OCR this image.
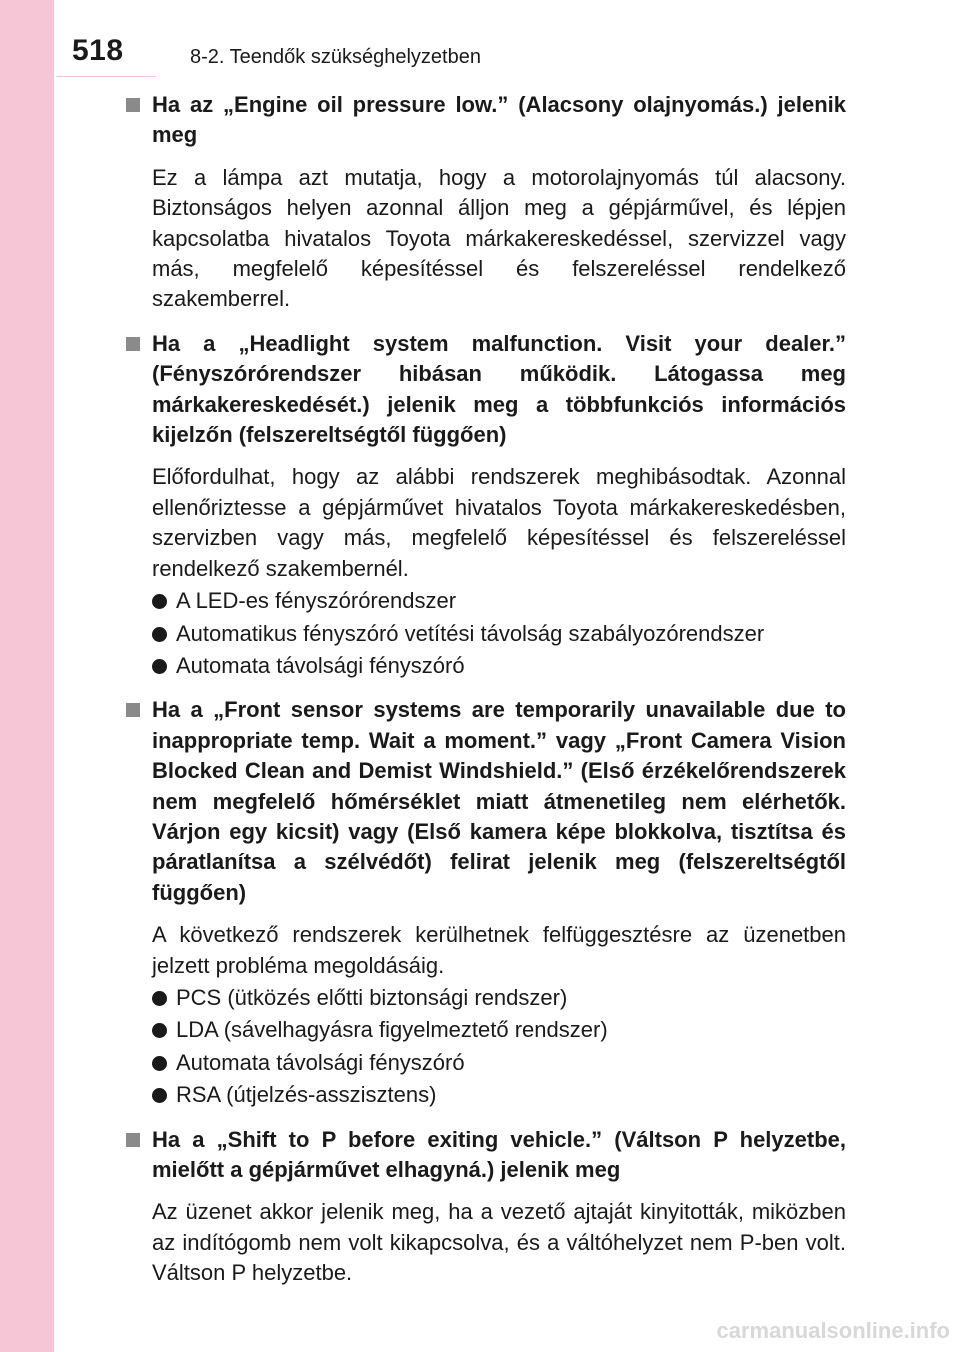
518	8-2. Teendők szükséghelyzetben
Ha az „Engine oil pressure low.” (Alacsony olajnyomás.) jelenik meg

Ez a lámpa azt mutatja, hogy a motorolajnyomás túl alacsony. Biztonságos helyen azonnal álljon meg a gépjárművel, és lépjen kapcsolatba hivatalos Toyota márkakereskedéssel, szervizzel vagy más, megfelelő képesítéssel és felszereléssel rendelkező szakemberrel.

Ha a „Headlight system malfunction. Visit your dealer.” (Fényszórórendszer hibásan működik. Látogassa meg márkakereskedését.) jelenik meg a többfunkciós információs kijelzőn (felszereltségtől függően)

Előfordulhat, hogy az alábbi rendszerek meghibásodtak. Azonnal ellenőriztesse a gépjárművet hivatalos Toyota márkakereskedésben, szervizben vagy más, megfelelő képesítéssel és felszereléssel rendelkező szakembernél.

A LED-es fényszórórendszer
Automatikus fényszóró vetítési távolság szabályozórendszer
Automata távolsági fényszóró
Ha a „Front sensor systems are temporarily unavailable due to inappropriate temp. Wait a moment.” vagy „Front Camera Vision Blocked Clean and Demist Windshield.” (Első érzékelőrendszerek nem megfelelő hőmérséklet miatt átmenetileg nem elérhetők. Várjon egy kicsit) vagy (Első kamera képe blokkolva, tisztítsa és páratlanítsa a szélvédőt) felirat jelenik meg (felszereltségtől függően)

A következő rendszerek kerülhetnek felfüggesztésre az üzenetben jelzett probléma megoldásáig.

PCS (ütközés előtti biztonsági rendszer)
LDA (sávelhagyásra figyelmeztető rendszer)
Automata távolsági fényszóró
RSA (útjelzés-asszisztens)
Ha a „Shift to P before exiting vehicle.” (Váltson P helyzetbe, mielőtt a gépjárművet elhagyná.) jelenik meg

Az üzenet akkor jelenik meg, ha a vezető ajtaját kinyitották, miközben az indítógomb nem volt kikapcsolva, és a váltóhelyzet nem P-ben volt. Váltson P helyzetbe.

carmanualsonline.info
